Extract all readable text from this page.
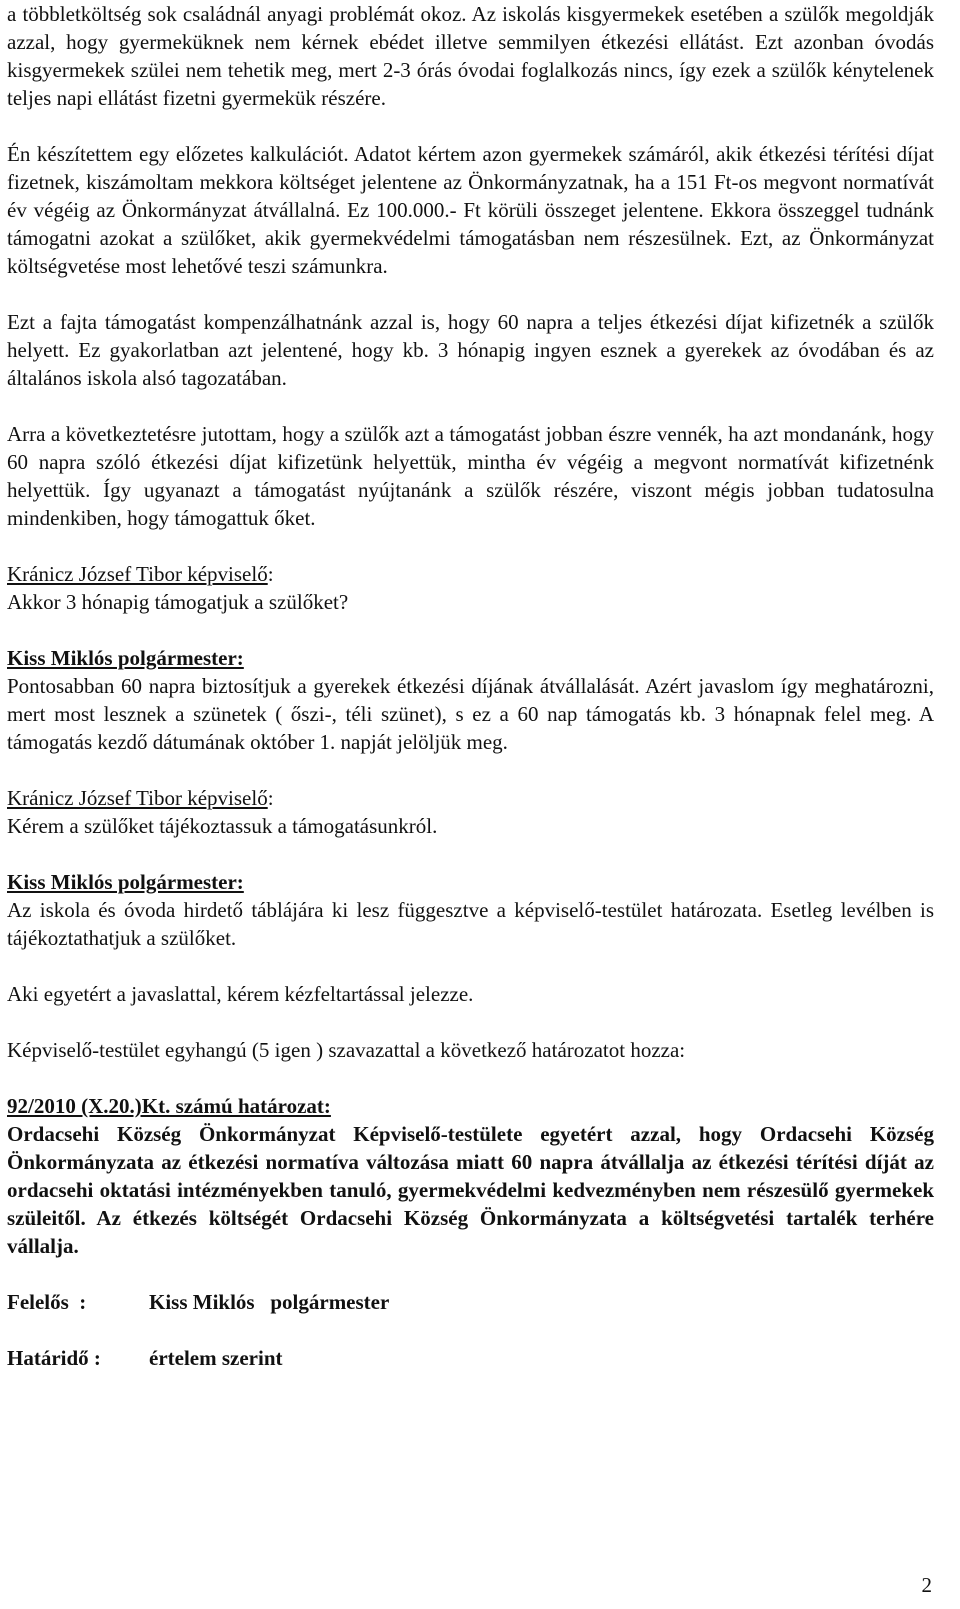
a többletköltség sok családnál anyagi problémát okoz. Az iskolás kisgyermekek esetében a szülők megoldják azzal, hogy gyermeküknek nem kérnek ebédet illetve semmilyen étkezési ellátást. Ezt azonban óvodás kisgyermekek szülei nem tehetik meg, mert 2-3 órás óvodai foglalkozás nincs, így ezek a szülők kénytelenek teljes napi ellátást fizetni gyermekük részére.

Én készítettem egy előzetes kalkulációt. Adatot kértem azon gyermekek számáról, akik étkezési térítési díjat fizetnek, kiszámoltam mekkora költséget jelentene az Önkormányzatnak, ha a 151 Ft-os megvont normatívát év végéig az Önkormányzat átvállalná. Ez 100.000.- Ft körüli összeget jelentene. Ekkora összeggel tudnánk támogatni azokat a szülőket, akik gyermekvédelmi támogatásban nem részesülnek. Ezt, az Önkormányzat költségvetése most lehetővé teszi számunkra.

Ezt a fajta támogatást kompenzálhatnánk azzal is, hogy 60 napra a teljes étkezési díjat kifizetnék a szülők helyett. Ez gyakorlatban azt jelentené, hogy kb. 3 hónapig ingyen esznek a gyerekek az óvodában és az általános iskola alsó tagozatában.

Arra a következtetésre jutottam, hogy a szülők azt a támogatást jobban észre vennék, ha azt mondanánk, hogy 60 napra szóló étkezési díjat kifizetünk helyettük, mintha év végéig a megvont normatívát kifizetnénk helyettük. Így ugyanazt a támogatást nyújtanánk a szülők részére, viszont mégis jobban tudatosulna mindenkiben, hogy támogattuk őket.

Kránicz József Tibor képviselő:

Akkor 3 hónapig támogatjuk a szülőket?

Kiss Miklós polgármester:

Pontosabban 60 napra biztosítjuk a gyerekek étkezési díjának átvállalását. Azért javaslom így meghatározni, mert most lesznek a szünetek ( őszi-, téli szünet), s ez a 60 nap támogatás kb. 3 hónapnak felel meg. A támogatás kezdő dátumának október 1. napját jelöljük meg.

Kránicz József Tibor képviselő:

Kérem a szülőket tájékoztassuk a támogatásunkról.

Kiss Miklós polgármester:

Az iskola és óvoda hirdető táblájára ki lesz függesztve a képviselő-testület határozata. Esetleg levélben is tájékoztathatjuk a szülőket.

Aki egyetért a javaslattal, kérem kézfeltartással jelezze.

Képviselő-testület egyhangú (5 igen ) szavazattal a következő határozatot hozza:

92/2010 (X.20.)Kt. számú határozat:

Ordacsehi Község Önkormányzat Képviselő-testülete egyetért azzal, hogy Ordacsehi Község Önkormányzata az étkezési normatíva változása miatt 60 napra átvállalja az étkezési térítési díját az ordacsehi oktatási intézményekben tanuló, gyermekvédelmi kedvezményben nem részesülő gyermekek szüleitől. Az étkezés költségét Ordacsehi Község Önkormányzata a költségvetési tartalék terhére vállalja.

Felelős  :	Kiss Miklós   polgármester
Határidő :	értelem szerint
2
